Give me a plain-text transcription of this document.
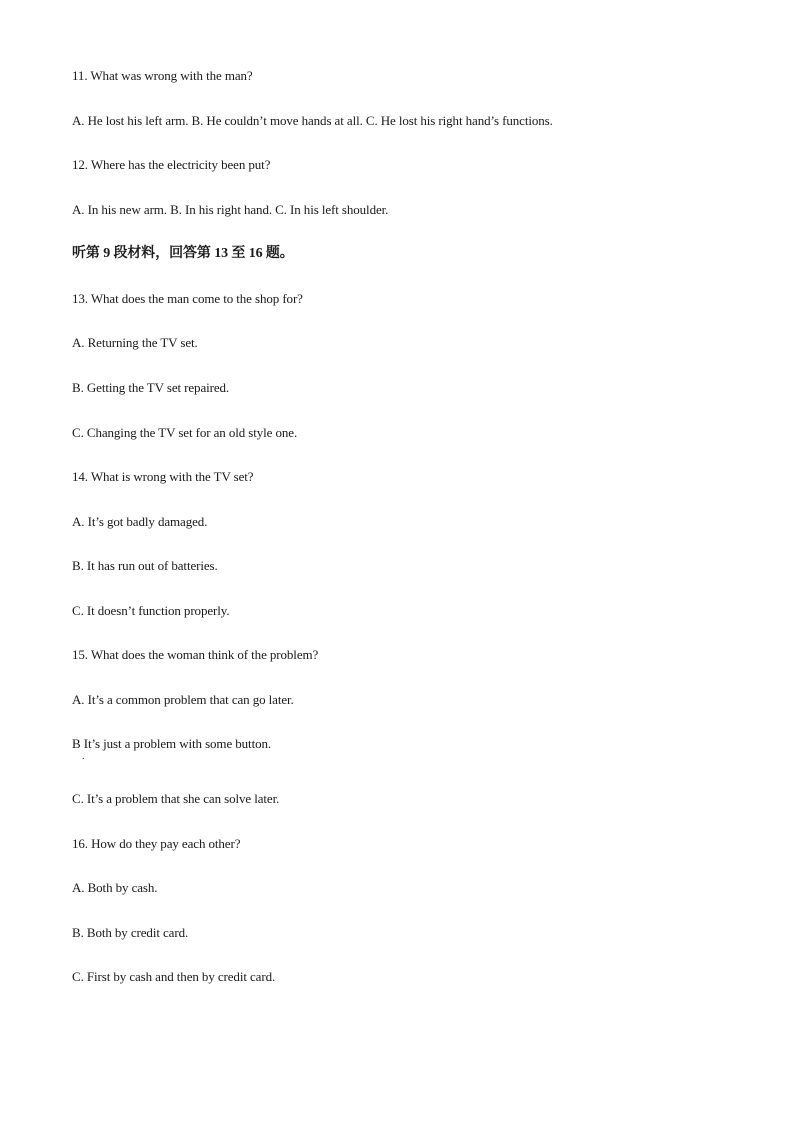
11. What was wrong with the man?
A. He lost his left arm. B. He couldn’t move hands at all. C. He lost his right hand’s functions.
12. Where has the electricity been put?
A. In his new arm. B. In his right hand. C. In his left shoulder.
听第 9 段材料，回答第 13 至 16 题。
13. What does the man come to the shop for?
A. Returning the TV set.
B. Getting the TV set repaired.
C. Changing the TV set for an old style one.
14. What is wrong with the TV set?
A. It’s got badly damaged.
B. It has run out of batteries.
C. It doesn’t function properly.
15. What does the woman think of the problem?
A. It’s a common problem that can go later.
B It’s just a problem with some button.
.
C. It’s a problem that she can solve later.
16. How do they pay each other?
A. Both by cash.
B. Both by credit card.
C. First by cash and then by credit card.
